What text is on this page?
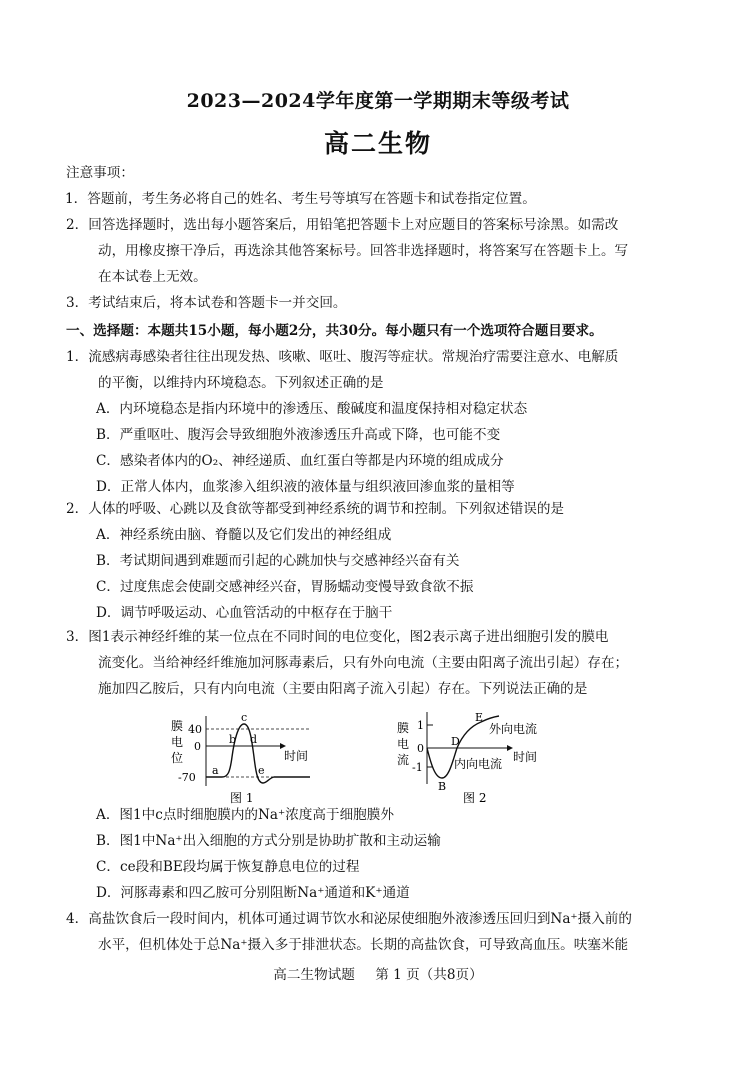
2023—2024学年度第一学期期末等级考试
高二生物
注意事项：
1．答题前，考生务必将自己的姓名、考生号等填写在答题卡和试卷指定位置。
2．回答选择题时，选出每小题答案后，用铅笔把答题卡上对应题目的答案标号涂黑。如需改
动，用橡皮擦干净后，再选涂其他答案标号。回答非选择题时，将答案写在答题卡上。写
在本试卷上无效。
3．考试结束后，将本试卷和答题卡一并交回。
一、选择题：本题共15小题，每小题2分，共30分。每小题只有一个选项符合题目要求。
1．流感病毒感染者往往出现发热、咳嗽、呕吐、腹泻等症状。常规治疗需要注意水、电解质
的平衡，以维持内环境稳态。下列叙述正确的是
A．内环境稳态是指内环境中的渗透压、酸碱度和温度保持相对稳定状态
B．严重呕吐、腹泻会导致细胞外液渗透压升高或下降，也可能不变
C．感染者体内的O₂、神经递质、血红蛋白等都是内环境的组成成分
D．正常人体内，血浆渗入组织液的液体量与组织液回渗血浆的量相等
2．人体的呼吸、心跳以及食欲等都受到神经系统的调节和控制。下列叙述错误的是
A．神经系统由脑、脊髓以及它们发出的神经组成
B．考试期间遇到难题而引起的心跳加快与交感神经兴奋有关
C．过度焦虑会使副交感神经兴奋，胃肠蠕动变慢导致食欲不振
D．调节呼吸运动、心血管活动的中枢存在于脑干
3．图1表示神经纤维的某一位点在不同时间的电位变化，图2表示离子进出细胞引发的膜电
流变化。当给神经纤维施加河豚毒素后，只有外向电流（主要由阳离子流出引起）存在；
施加四乙胺后，只有内向电流（主要由阳离子流入引起）存在。下列说法正确的是
膜
电
位
40
0
-70
a
b
c
d
e
时间
图 1
膜
电
流
1
0
-1
B
D
E
外向电流
内向电流 时间
图 2
A．图1中c点时细胞膜内的Na⁺浓度高于细胞膜外
B．图1中Na⁺出入细胞的方式分别是协助扩散和主动运输
C．ce段和BE段均属于恢复静息电位的过程
D．河豚毒素和四乙胺可分别阻断Na⁺通道和K⁺通道
4．高盐饮食后一段时间内，机体可通过调节饮水和泌尿使细胞外液渗透压回归到Na⁺摄入前的
水平，但机体处于总Na⁺摄入多于排泄状态。长期的高盐饮食，可导致高血压。呋塞米能
高二生物试题 第 1 页（共8页）
